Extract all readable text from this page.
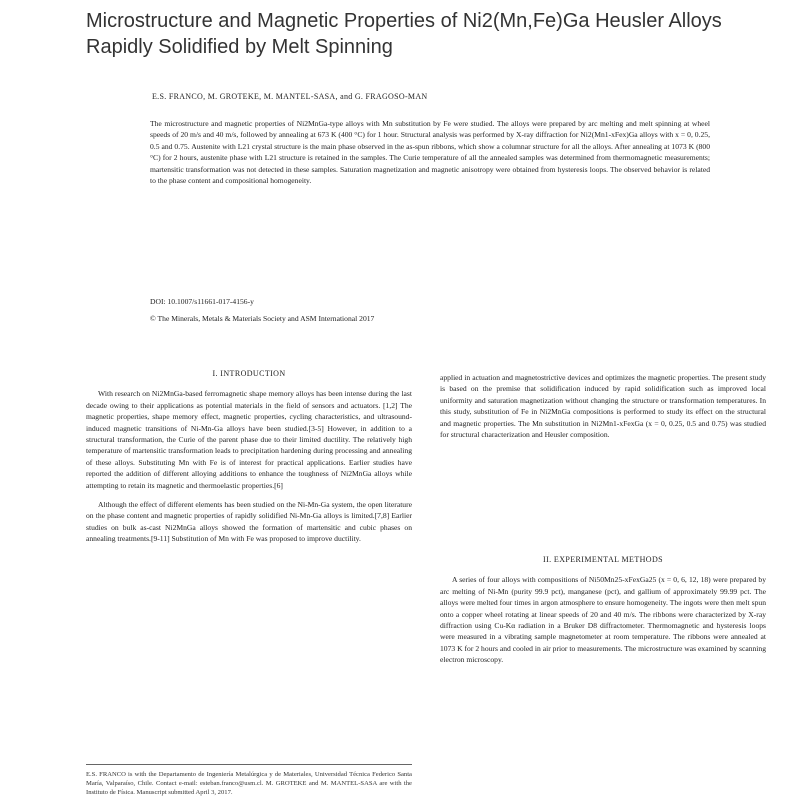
Microstructure and Magnetic Properties of Ni2(Mn,Fe)Ga Heusler Alloys Rapidly Solidified by Melt Spinning
E.S. FRANCO, M. GROTEKE, M. MANTEL-SASA, and G. FRAGOSO-MAN

The microstructure and magnetic properties of Ni2MnGa-type alloys with Mn substitution by Fe were studied. The alloys were prepared by arc melting and melt spinning at wheel speeds of 20 m/s and 40 m/s, followed by annealing at 673 K (400 °C) for 1 hour. Structural analysis was performed by X-ray diffraction for Ni2(Mn1-xFex)Ga alloys with x = 0, 0.25, 0.5 and 0.75. Austenite with L21 crystal structure is the main phase observed in the as-spun ribbons, which show a columnar structure for all the alloys. After annealing at 1073 K (800 °C) for 2 hours, austenite phase with L21 structure is retained in the samples. The Curie temperature of all the annealed samples was determined from thermomagnetic measurements; martensitic transformation was not detected in these samples. Saturation magnetization and magnetic anisotropy were obtained from hysteresis loops. The observed behavior is related to the phase content and compositional homogeneity.

DOI: 10.1007/s11661-017-4156-y
© The Minerals, Metals & Materials Society and ASM International 2017
I. INTRODUCTION

With research on Ni2MnGa-based ferromagnetic shape memory alloys has been intense during the last decade owing to their applications as potential materials in the field of sensors and actuators. [1,2] The magnetic properties, shape memory effect, magnetic properties, cycling characteristics, and ultrasound-induced magnetic transitions of Ni-Mn-Ga alloys have been studied.[3-5] However, in addition to a structural transformation, the Curie of the parent phase due to their limited ductility. The relatively high temperature of martensitic transformation leads to precipitation hardening during processing and annealing of these alloys. Substituting Mn with Fe is of interest for practical applications. Earlier studies have reported the addition of different alloying additions to enhance the toughness of Ni2MnGa alloys while attempting to retain its magnetic and thermoelastic properties.[6]

Although the effect of different elements has been studied on the Ni-Mn-Ga system, the open literature on the phase content and magnetic properties of rapidly solidified Ni-Mn-Ga alloys is limited.[7,8] Earlier studies on bulk as-cast Ni2MnGa alloys showed the formation of martensitic and cubic phases on annealing treatments.[9-11] Substitution of Mn with Fe was proposed to improve ductility.

applied in actuation and magnetostrictive devices and optimizes the magnetic properties. The present study is based on the premise that solidification induced by rapid solidification such as improved local uniformity and saturation magnetization without changing the structure or transformation temperatures. In this study, substitution of Fe in Ni2MnGa compositions is performed to study its effect on the structural and magnetic properties. The Mn substitution in Ni2Mn1-xFexGa (x = 0, 0.25, 0.5 and 0.75) was studied for structural characterization and Heusler composition.

II. EXPERIMENTAL METHODS

A series of four alloys with compositions of Ni50Mn25-xFexGa25 (x = 0, 6, 12, 18) were prepared by arc melting of Ni-Mn (purity 99.9 pct), manganese (pct), and gallium of approximately 99.99 pct. The alloys were melted four times in argon atmosphere to ensure homogeneity. The ingots were then melt spun onto a copper wheel rotating at linear speeds of 20 and 40 m/s. The ribbons were characterized by X-ray diffraction using Cu-Kα radiation in a Bruker D8 diffractometer. Thermomagnetic and hysteresis loops were measured in a vibrating sample magnetometer at room temperature. The ribbons were annealed at 1073 K for 2 hours and cooled in air prior to measurements. The microstructure was examined by scanning electron microscopy.

E.S. FRANCO is with the Departamento de Ingeniería Metalúrgica y de Materiales, Universidad Técnica Federico Santa María, Valparaíso, Chile. Contact e-mail: esteban.franco@usm.cl. M. GROTEKE and M. MANTEL-SASA are with the Instituto de Física. Manuscript submitted April 3, 2017.
